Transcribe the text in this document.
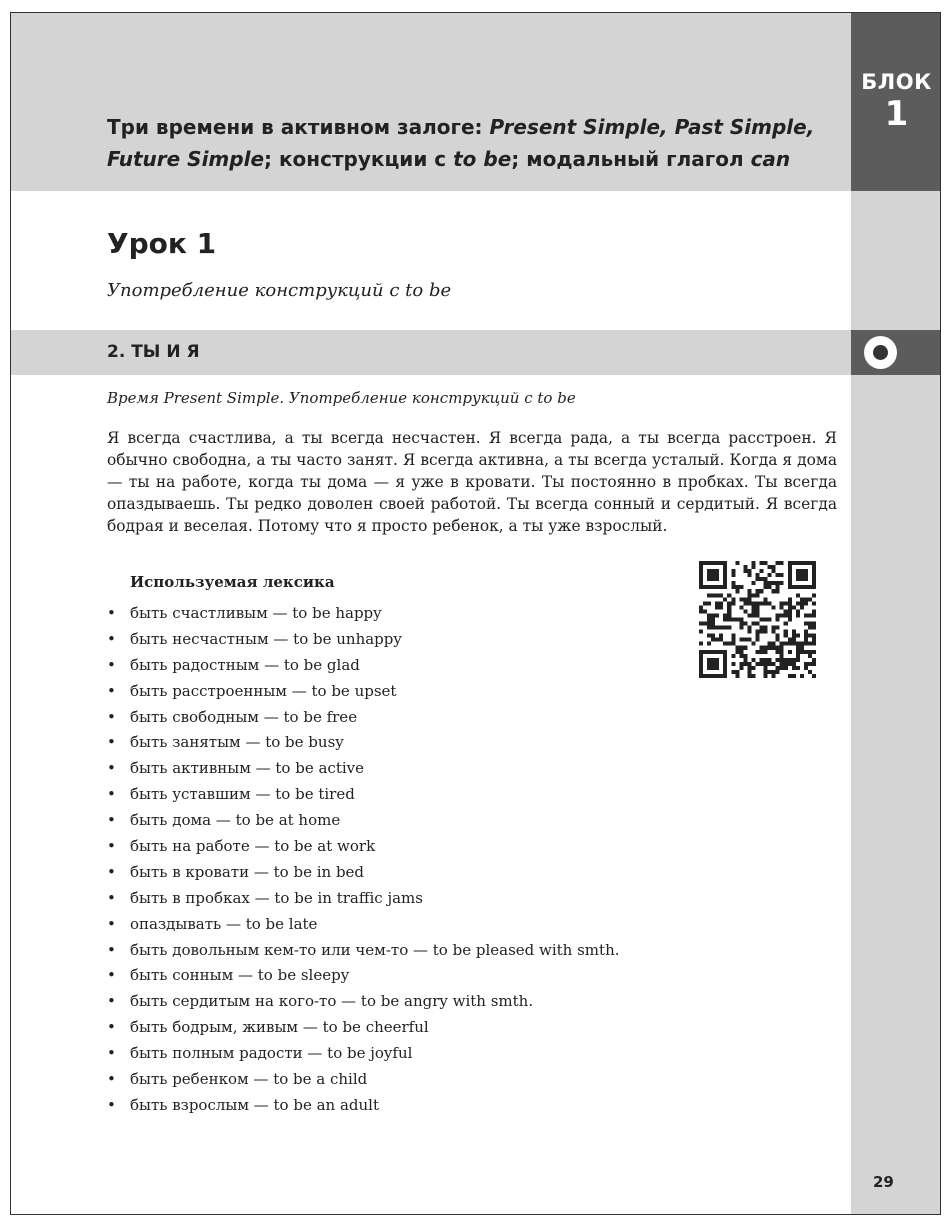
БЛОК
1
Три времени в активном залоге: Present Simple, Past Simple,
Future Simple; конструкции с to be; модальный глагол can
Урок 1
Употребление конструкций с to be
2. ТЫ И Я
Время Present Simple. Употребление конструкций с to be
Я всегда счастлива, а ты всегда несчастен. Я всегда рада, а ты всегда расстроен. Я обычно свободна, а ты часто занят. Я всегда активна, а ты всегда усталый. Когда я дома — ты на работе, когда ты дома — я уже в кровати. Ты постоянно в пробках. Ты всегда опаздываешь. Ты редко доволен своей работой. Ты всегда сонный и сердитый. Я всегда бодрая и веселая. Потому что я просто ребенок, а ты уже взрослый.
Используемая лексика
• быть счастливым — to be happy
• быть несчастным — to be unhappy
• быть радостным — to be glad
• быть расстроенным — to be upset
• быть свободным — to be free
• быть занятым — to be busy
• быть активным — to be active
• быть уставшим — to be tired
• быть дома — to be at home
• быть на работе — to be at work
• быть в кровати — to be in bed
• быть в пробках — to be in traffic jams
• опаздывать — to be late
• быть довольным кем-то или чем-то — to be pleased with smth.
• быть сонным — to be sleepy
• быть сердитым на кого-то — to be angry with smth.
• быть бодрым, живым — to be cheerful
• быть полным радости — to be joyful
• быть ребенком — to be a child
• быть взрослым — to be an adult
29
